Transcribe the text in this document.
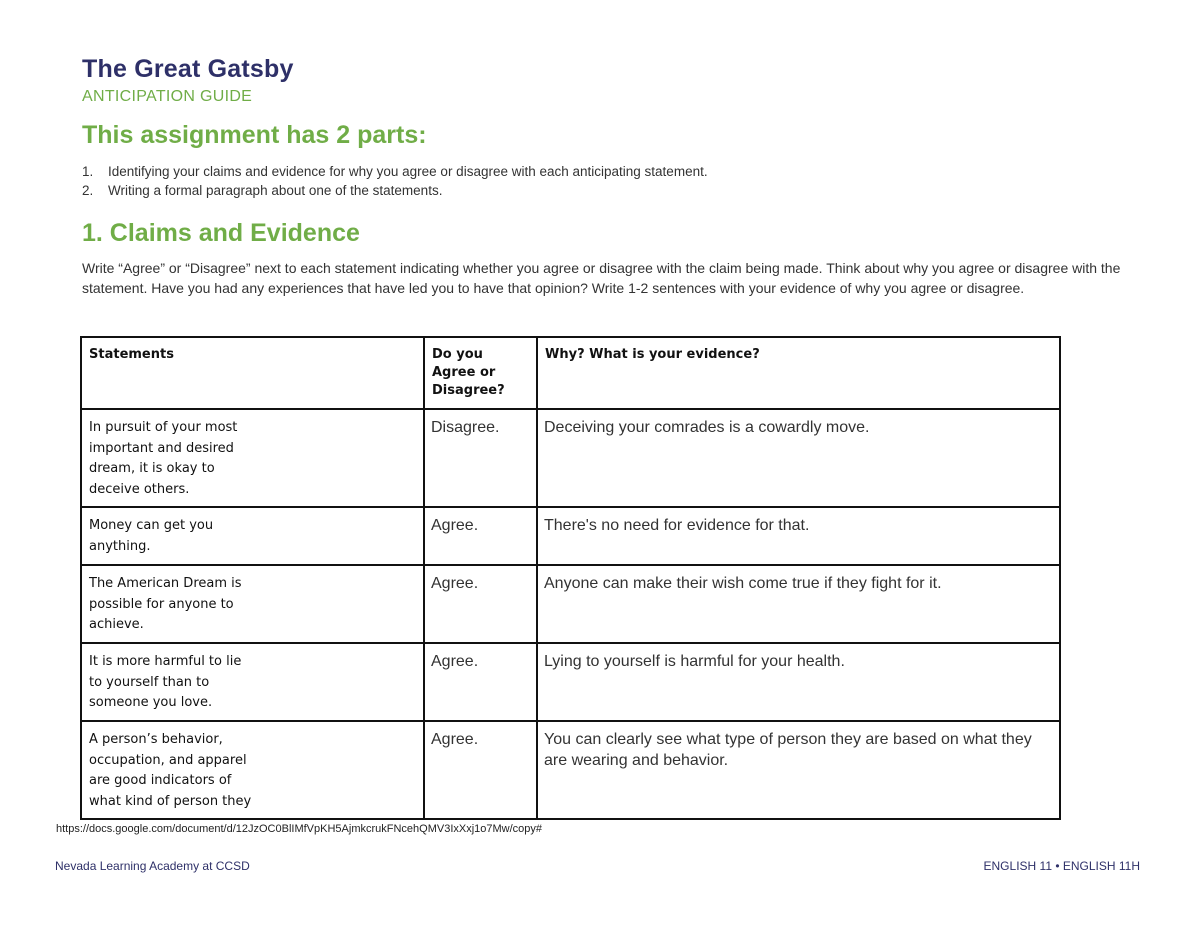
The Great Gatsby
ANTICIPATION GUIDE
This assignment has 2 parts:
1. Identifying your claims and evidence for why you agree or disagree with each anticipating statement.
2. Writing a formal paragraph about one of the statements.
1. Claims and Evidence

Write “Agree” or “Disagree” next to each statement indicating whether you agree or disagree with the claim being made. Think about why you agree or disagree with the statement. Have you had any experiences that have led you to have that opinion? Write 1-2 sentences with your evidence of why you agree or disagree.

Statements	Do you Agree or Disagree?	Why? What is your evidence?

In pursuit of your most important and desired dream, it is okay to deceive others.	Disagree.	Deceiving your comrades is a cowardly move.

Money can get you anything.	Agree.	There's no need for evidence for that.

The American Dream is possible for anyone to achieve.	Agree.	Anyone can make their wish come true if they fight for it.

It is more harmful to lie to yourself than to someone you love.	Agree.	Lying to yourself is harmful for your health.

A person’s behavior, occupation, and apparel are good indicators of what kind of person they	Agree.	You can clearly see what type of person they are based on what they are wearing and behavior.
https://docs.google.com/document/d/12JzOC0BlIMfVpKH5AjmkcrukFNcehQMV3IxXxj1o7Mw/copy#
Nevada Learning Academy at CCSD	ENGLISH 11 • ENGLISH 11H
